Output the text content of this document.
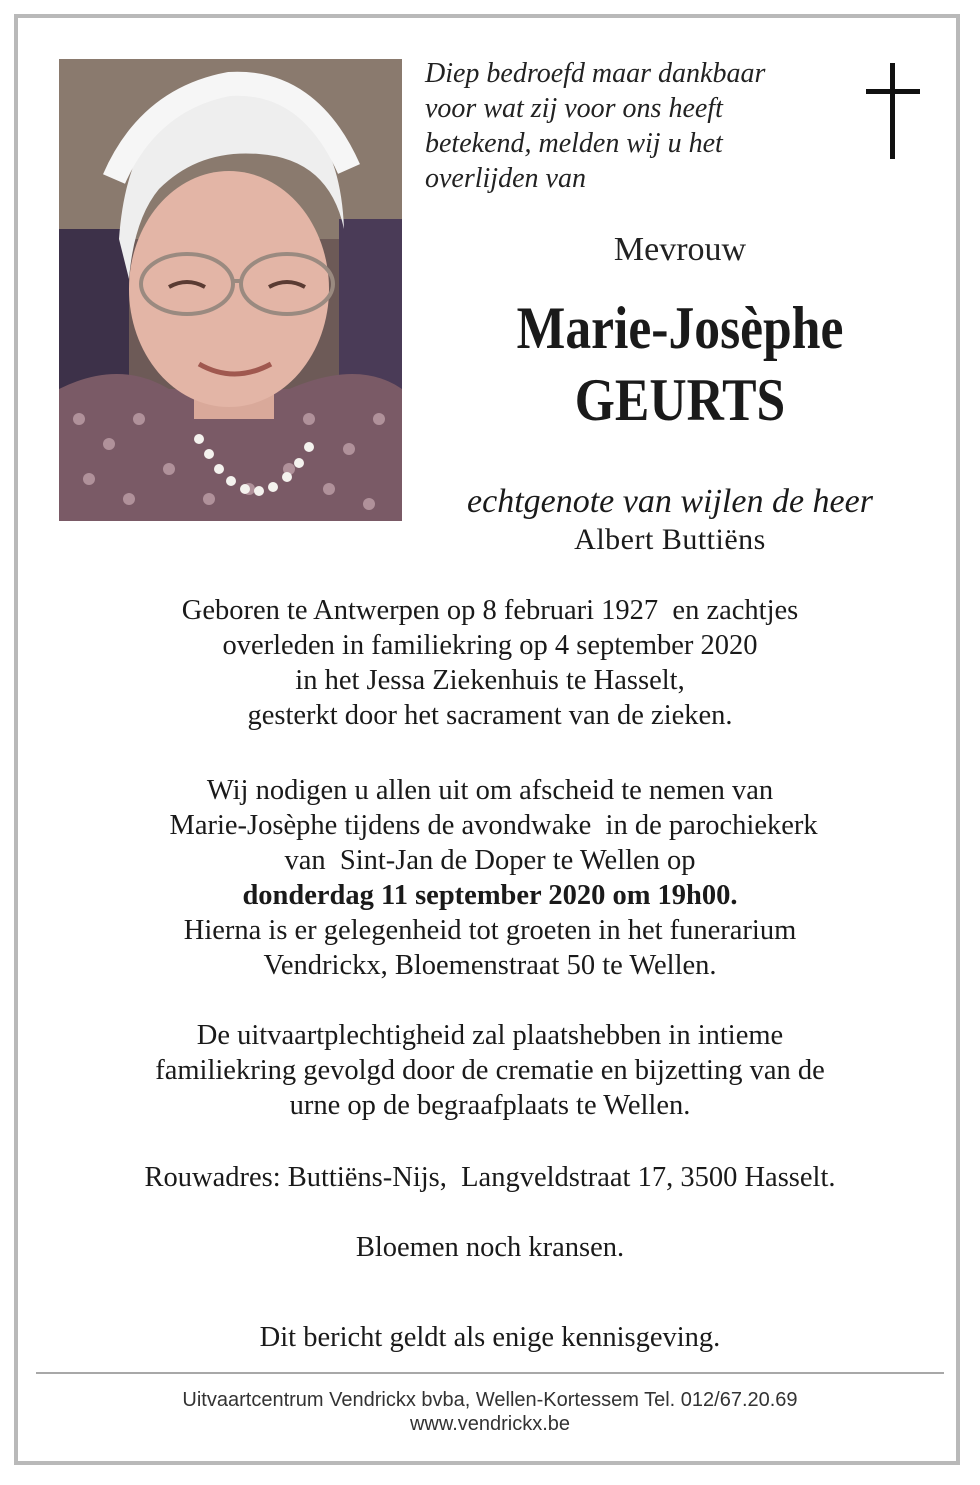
Diep bedroefd maar dankbaar
voor wat zij voor ons heeft
betekend, melden wij u het
overlijden van
Mevrouw
Marie-Josèphe
GEURTS
echtgenote van wijlen de heer
Albert Buttiëns
Geboren te Antwerpen op 8 februari 1927  en zachtjes
overleden in familiekring op 4 september 2020
in het Jessa Ziekenhuis te Hasselt,
gesterkt door het sacrament van de zieken.
Wij nodigen u allen uit om afscheid te nemen van
Marie-Josèphe tijdens de avondwake  in de parochiekerk
van  Sint-Jan de Doper te Wellen op
donderdag 11 september 2020 om 19h00.
Hierna is er gelegenheid tot groeten in het funerarium
Vendrickx, Bloemenstraat 50 te Wellen.
De uitvaartplechtigheid zal plaatshebben in intieme
familiekring gevolgd door de crematie en bijzetting van de
urne op de begraafplaats te Wellen.
Rouwadres: Buttiëns-Nijs,  Langveldstraat 17, 3500 Hasselt.
Bloemen noch kransen.
Dit bericht geldt als enige kennisgeving.
Uitvaartcentrum Vendrickx bvba, Wellen-Kortessem Tel. 012/67.20.69
www.vendrickx.be
